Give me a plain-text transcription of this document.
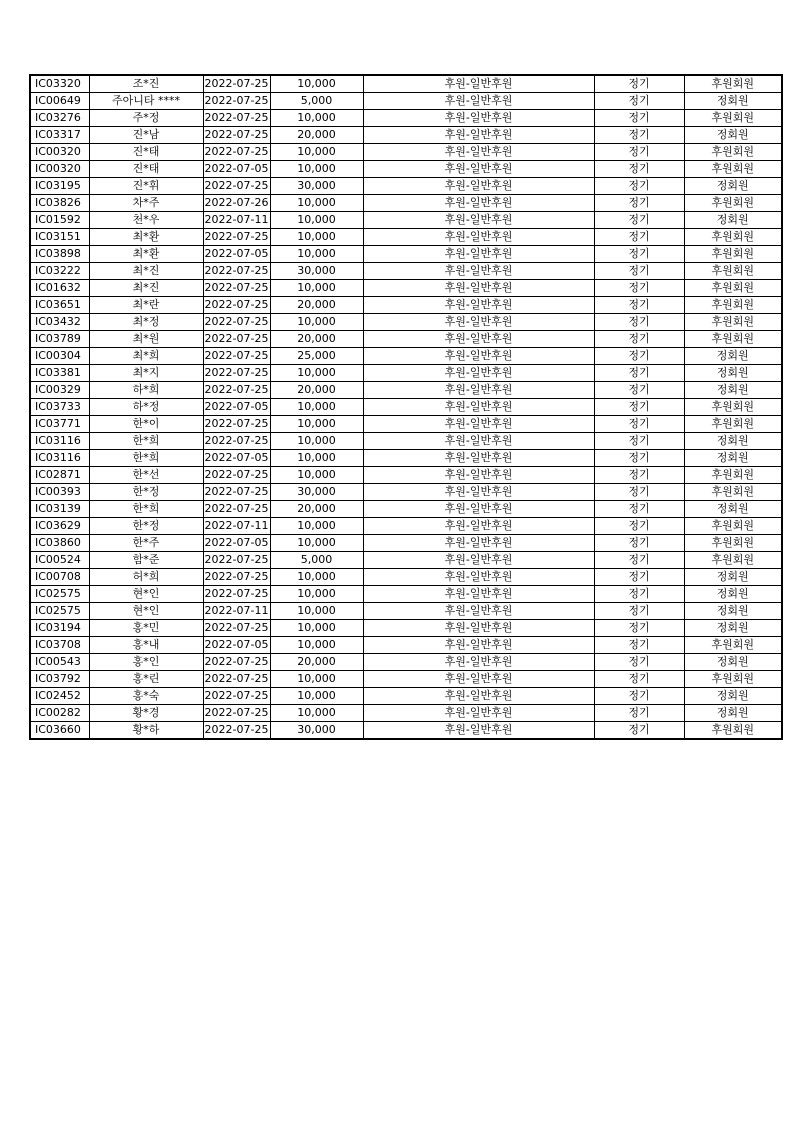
IC03320	조*진	2022-07-25	10,000	후원-일반후원	정기	후원회원
IC00649	주아니타 ****	2022-07-25	5,000	후원-일반후원	정기	정회원
IC03276	주*정	2022-07-25	10,000	후원-일반후원	정기	후원회원
IC03317	진*남	2022-07-25	20,000	후원-일반후원	정기	정회원
IC00320	진*태	2022-07-25	10,000	후원-일반후원	정기	후원회원
IC00320	진*태	2022-07-05	10,000	후원-일반후원	정기	후원회원
IC03195	진*휘	2022-07-25	30,000	후원-일반후원	정기	정회원
IC03826	차*주	2022-07-26	10,000	후원-일반후원	정기	후원회원
IC01592	천*우	2022-07-11	10,000	후원-일반후원	정기	정회원
IC03151	최*환	2022-07-25	10,000	후원-일반후원	정기	후원회원
IC03898	최*환	2022-07-05	10,000	후원-일반후원	정기	후원회원
IC03222	최*진	2022-07-25	30,000	후원-일반후원	정기	후원회원
IC01632	최*진	2022-07-25	10,000	후원-일반후원	정기	후원회원
IC03651	최*란	2022-07-25	20,000	후원-일반후원	정기	후원회원
IC03432	최*정	2022-07-25	10,000	후원-일반후원	정기	후원회원
IC03789	최*원	2022-07-25	20,000	후원-일반후원	정기	후원회원
IC00304	최*희	2022-07-25	25,000	후원-일반후원	정기	정회원
IC03381	최*지	2022-07-25	10,000	후원-일반후원	정기	정회원
IC00329	하*희	2022-07-25	20,000	후원-일반후원	정기	정회원
IC03733	하*정	2022-07-05	10,000	후원-일반후원	정기	후원회원
IC03771	한*이	2022-07-25	10,000	후원-일반후원	정기	후원회원
IC03116	한*희	2022-07-25	10,000	후원-일반후원	정기	정회원
IC03116	한*희	2022-07-05	10,000	후원-일반후원	정기	정회원
IC02871	한*선	2022-07-25	10,000	후원-일반후원	정기	후원회원
IC00393	한*정	2022-07-25	30,000	후원-일반후원	정기	후원회원
IC03139	한*희	2022-07-25	20,000	후원-일반후원	정기	정회원
IC03629	한*정	2022-07-11	10,000	후원-일반후원	정기	후원회원
IC03860	한*주	2022-07-05	10,000	후원-일반후원	정기	후원회원
IC00524	함*준	2022-07-25	5,000	후원-일반후원	정기	후원회원
IC00708	허*희	2022-07-25	10,000	후원-일반후원	정기	정회원
IC02575	현*인	2022-07-25	10,000	후원-일반후원	정기	정회원
IC02575	현*인	2022-07-11	10,000	후원-일반후원	정기	정회원
IC03194	홍*민	2022-07-25	10,000	후원-일반후원	정기	정회원
IC03708	홍*내	2022-07-05	10,000	후원-일반후원	정기	후원회원
IC00543	홍*인	2022-07-25	20,000	후원-일반후원	정기	정회원
IC03792	홍*린	2022-07-25	10,000	후원-일반후원	정기	후원회원
IC02452	홍*숙	2022-07-25	10,000	후원-일반후원	정기	정회원
IC00282	황*경	2022-07-25	10,000	후원-일반후원	정기	정회원
IC03660	황*하	2022-07-25	30,000	후원-일반후원	정기	후원회원
